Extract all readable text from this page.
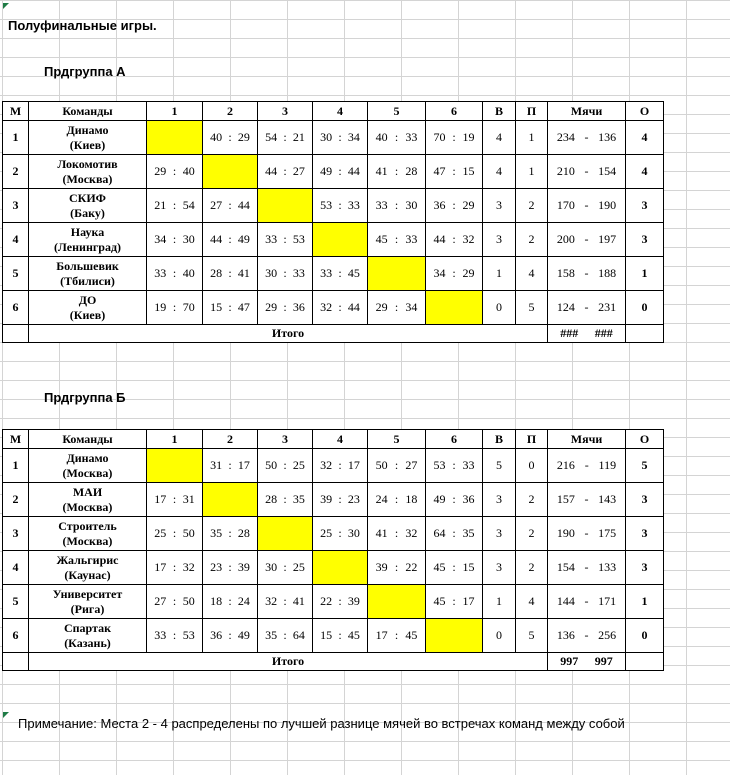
Полуфинальные игры.
Прдгруппа А
М	Команды	1	2	3	4	5	6	В	П	Мячи	О
1	Динамо
(Киев)		40 : 29	54 : 21	30 : 34	40 : 33	70 : 19	4	1	234 - 136	4
2	Локомотив
(Москва)	29 : 40		44 : 27	49 : 44	41 : 28	47 : 15	4	1	210 - 154	4
3	СКИФ
(Баку)	21 : 54	27 : 44		53 : 33	33 : 30	36 : 29	3	2	170 - 190	3
4	Наука
(Ленинград)	34 : 30	44 : 49	33 : 53		45 : 33	44 : 32	3	2	200 - 197	3
5	Большевик
(Тбилиси)	33 : 40	28 : 41	30 : 33	33 : 45		34 : 29	1	4	158 - 188	1
6	ДО
(Киев)	19 : 70	15 : 47	29 : 36	32 : 44	29 : 34		0	5	124 - 231	0
	Итого									### ###	

Прдгруппа Б
М	Команды	1	2	3	4	5	6	В	П	Мячи	О
1	Динамо
(Москва)		31 : 17	50 : 25	32 : 17	50 : 27	53 : 33	5	0	216 - 119	5
2	МАИ
(Москва)	17 : 31		28 : 35	39 : 23	24 : 18	49 : 36	3	2	157 - 143	3
3	Строитель
(Москва)	25 : 50	35 : 28		25 : 30	41 : 32	64 : 35	3	2	190 - 175	3
4	Жальгирис
(Каунас)	17 : 32	23 : 39	30 : 25		39 : 22	45 : 15	3	2	154 - 133	3
5	Университет
(Рига)	27 : 50	18 : 24	32 : 41	22 : 39		45 : 17	1	4	144 - 171	1
6	Спартак
(Казань)	33 : 53	36 : 49	35 : 64	15 : 45	17 : 45		0	5	136 - 256	0
	Итого									997 997	

Примечание: Места 2 - 4 распределены по лучшей разнице мячей во встречах команд между собой
